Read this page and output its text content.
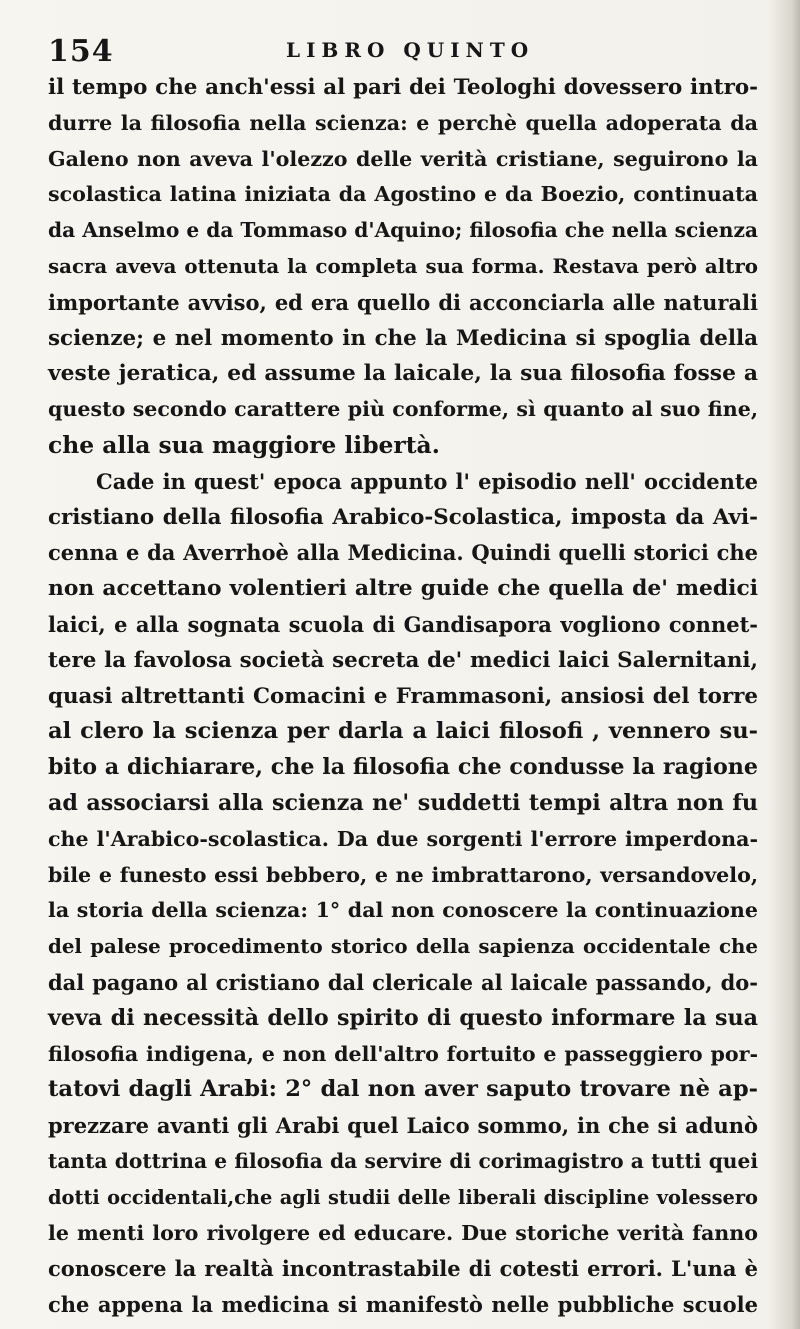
154	LIBRO QUINTO
il tempo che anch'essi al pari dei Teologhi dovessero intro-
durre la filosofia nella scienza: e perchè quella adoperata da
Galeno non aveva l'olezzo delle verità cristiane, seguirono la
scolastica latina iniziata da Agostino e da Boezio, continuata
da Anselmo e da Tommaso d'Aquino; filosofia che nella scienza
sacra aveva ottenuta la completa sua forma. Restava però altro
importante avviso, ed era quello di acconciarla alle naturali
scienze; e nel momento in che la Medicina si spoglia della
veste jeratica, ed assume la laicale, la sua filosofia fosse a
questo secondo carattere più conforme, sì quanto al suo fine,
che alla sua maggiore libertà.
Cade in quest' epoca appunto l' episodio nell' occidente
cristiano della filosofia Arabico-Scolastica, imposta da Avi-
cenna e da Averrhoè alla Medicina. Quindi quelli storici che
non accettano volentieri altre guide che quella de' medici
laici, e alla sognata scuola di Gandisapora vogliono connet-
tere la favolosa società secreta de' medici laici Salernitani,
quasi altrettanti Comacini e Frammasoni, ansiosi del torre
al clero la scienza per darla a laici filosofi , vennero su-
bito a dichiarare, che la filosofia che condusse la ragione
ad associarsi alla scienza ne' suddetti tempi altra non fu
che l'Arabico-scolastica. Da due sorgenti l'errore imperdona-
bile e funesto essi bebbero, e ne imbrattarono, versandovelo,
la storia della scienza: 1° dal non conoscere la continuazione
del palese procedimento storico della sapienza occidentale che
dal pagano al cristiano dal clericale al laicale passando, do-
veva di necessità dello spirito di questo informare la sua
filosofia indigena, e non dell'altro fortuito e passeggiero por-
tatovi dagli Arabi: 2° dal non aver saputo trovare nè ap-
prezzare avanti gli Arabi quel Laico sommo, in che si adunò
tanta dottrina e filosofia da servire di corimagistro a tutti quei
dotti occidentali,che agli studii delle liberali discipline volessero
le menti loro rivolgere ed educare. Due storiche verità fanno
conoscere la realtà incontrastabile di cotesti errori. L'una è
che appena la medicina si manifestò nelle pubbliche scuole
